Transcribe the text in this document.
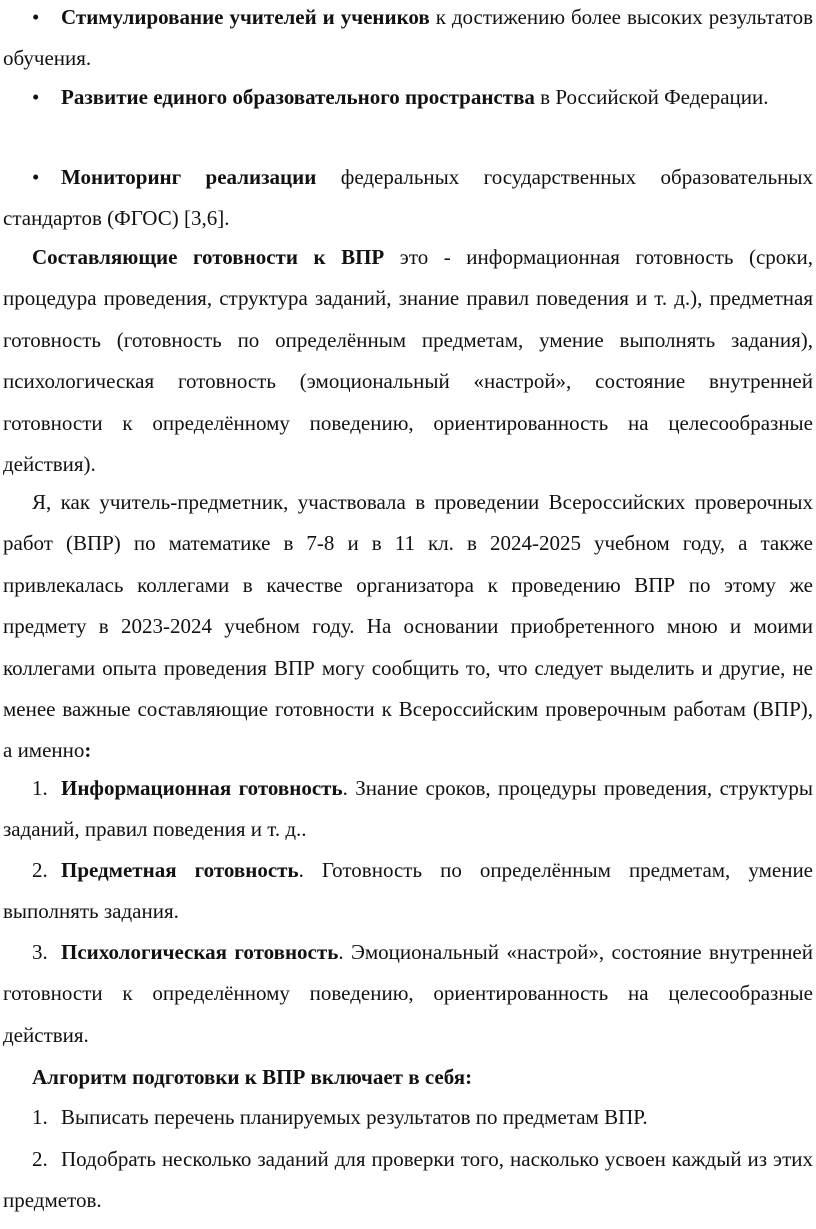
• Стимулирование учителей и учеников к достижению более высоких результатов обучения.
• Развитие единого образовательного пространства в Российской Федерации.
• Мониторинг реализации федеральных государственных образовательных стандартов (ФГОС) [3,6].
Составляющие готовности к ВПР это - информационная готовность (сроки, процедура проведения, структура заданий, знание правил поведения и т. д.), предметная готовность (готовность по определённым предметам, умение выполнять задания), психологическая готовность (эмоциональный «настрой», состояние внутренней готовности к определённому поведению, ориентированность на целесообразные действия).
Я, как учитель-предметник, участвовала в проведении Всероссийских проверочных работ (ВПР) по математике в 7-8 и в 11 кл. в 2024-2025 учебном году, а также привлекалась коллегами в качестве организатора к проведению ВПР по этому же предмету в 2023-2024 учебном году. На основании приобретенного мною и моими коллегами опыта проведения ВПР могу сообщить то, что следует выделить и другие, не менее важные составляющие готовности к Всероссийским проверочным работам (ВПР), а именно:
1. Информационная готовность. Знание сроков, процедуры проведения, структуры заданий, правил поведения и т. д..
2. Предметная готовность. Готовность по определённым предметам, умение выполнять задания.
3. Психологическая готовность. Эмоциональный «настрой», состояние внутренней готовности к определённому поведению, ориентированность на целесообразные действия.
Алгоритм подготовки к ВПР включает в себя:
1. Выписать перечень планируемых результатов по предметам ВПР.
2. Подобрать несколько заданий для проверки того, насколько усвоен каждый из этих предметов.
